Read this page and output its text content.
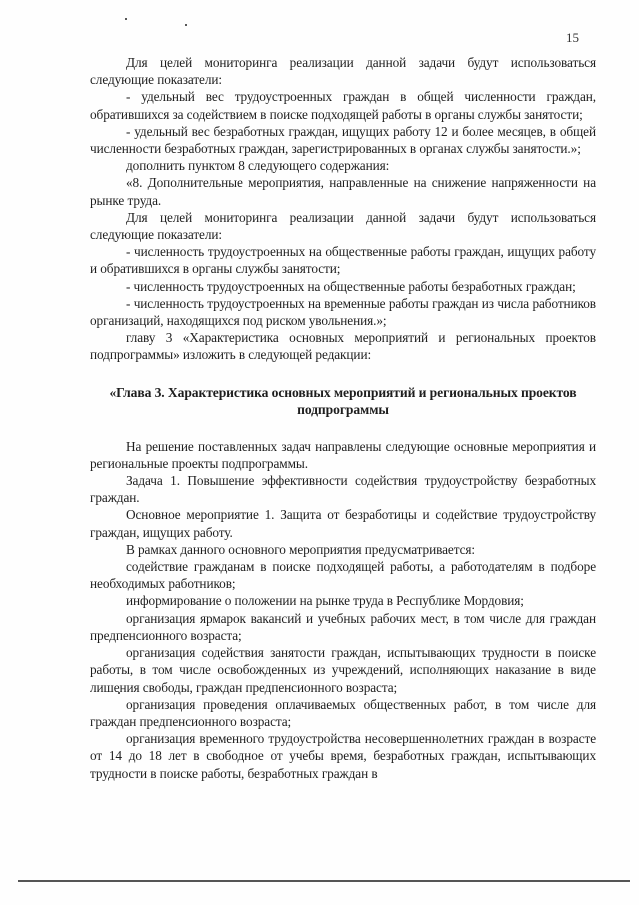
15

Для целей мониторинга реализации данной задачи будут использоваться следующие показатели:

- удельный вес трудоустроенных граждан в общей численности граждан, обратившихся за содействием в поиске подходящей работы в органы службы занятости;

- удельный вес безработных граждан, ищущих работу 12 и более месяцев, в общей численности безработных граждан, зарегистрированных в органах службы занятости.»;

дополнить пунктом 8 следующего содержания:

«8. Дополнительные мероприятия, направленные на снижение напряженности на рынке труда.

Для целей мониторинга реализации данной задачи будут использоваться следующие показатели:

- численность трудоустроенных на общественные работы граждан, ищущих работу и обратившихся в органы службы занятости;

- численность трудоустроенных на общественные работы безработных граждан;

- численность трудоустроенных на временные работы граждан из числа работников организаций, находящихся под риском увольнения.»;

главу 3 «Характеристика основных мероприятий и региональных проектов подпрограммы» изложить в следующей редакции:

«Глава 3. Характеристика основных мероприятий и региональных проектов подпрограммы

На решение поставленных задач направлены следующие основные мероприятия и региональные проекты подпрограммы.

Задача 1. Повышение эффективности содействия трудоустройству безработных граждан.

Основное мероприятие 1. Защита от безработицы и содействие трудоустройству граждан, ищущих работу.

В рамках данного основного мероприятия предусматривается:

содействие гражданам в поиске подходящей работы, а работодателям в подборе необходимых работников;

информирование о положении на рынке труда в Республике Мордовия;

организация ярмарок вакансий и учебных рабочих мест, в том числе для граждан предпенсионного возраста;

организация содействия занятости граждан, испытывающих трудности в поиске работы, в том числе освобожденных из учреждений, исполняющих наказание в виде лишения свободы, граждан предпенсионного возраста;

организация проведения оплачиваемых общественных работ, в том числе для граждан предпенсионного возраста;

организация временного трудоустройства несовершеннолетних граждан в возрасте от 14 до 18 лет в свободное от учебы время, безработных граждан, испытывающих трудности в поиске работы, безработных граждан в
